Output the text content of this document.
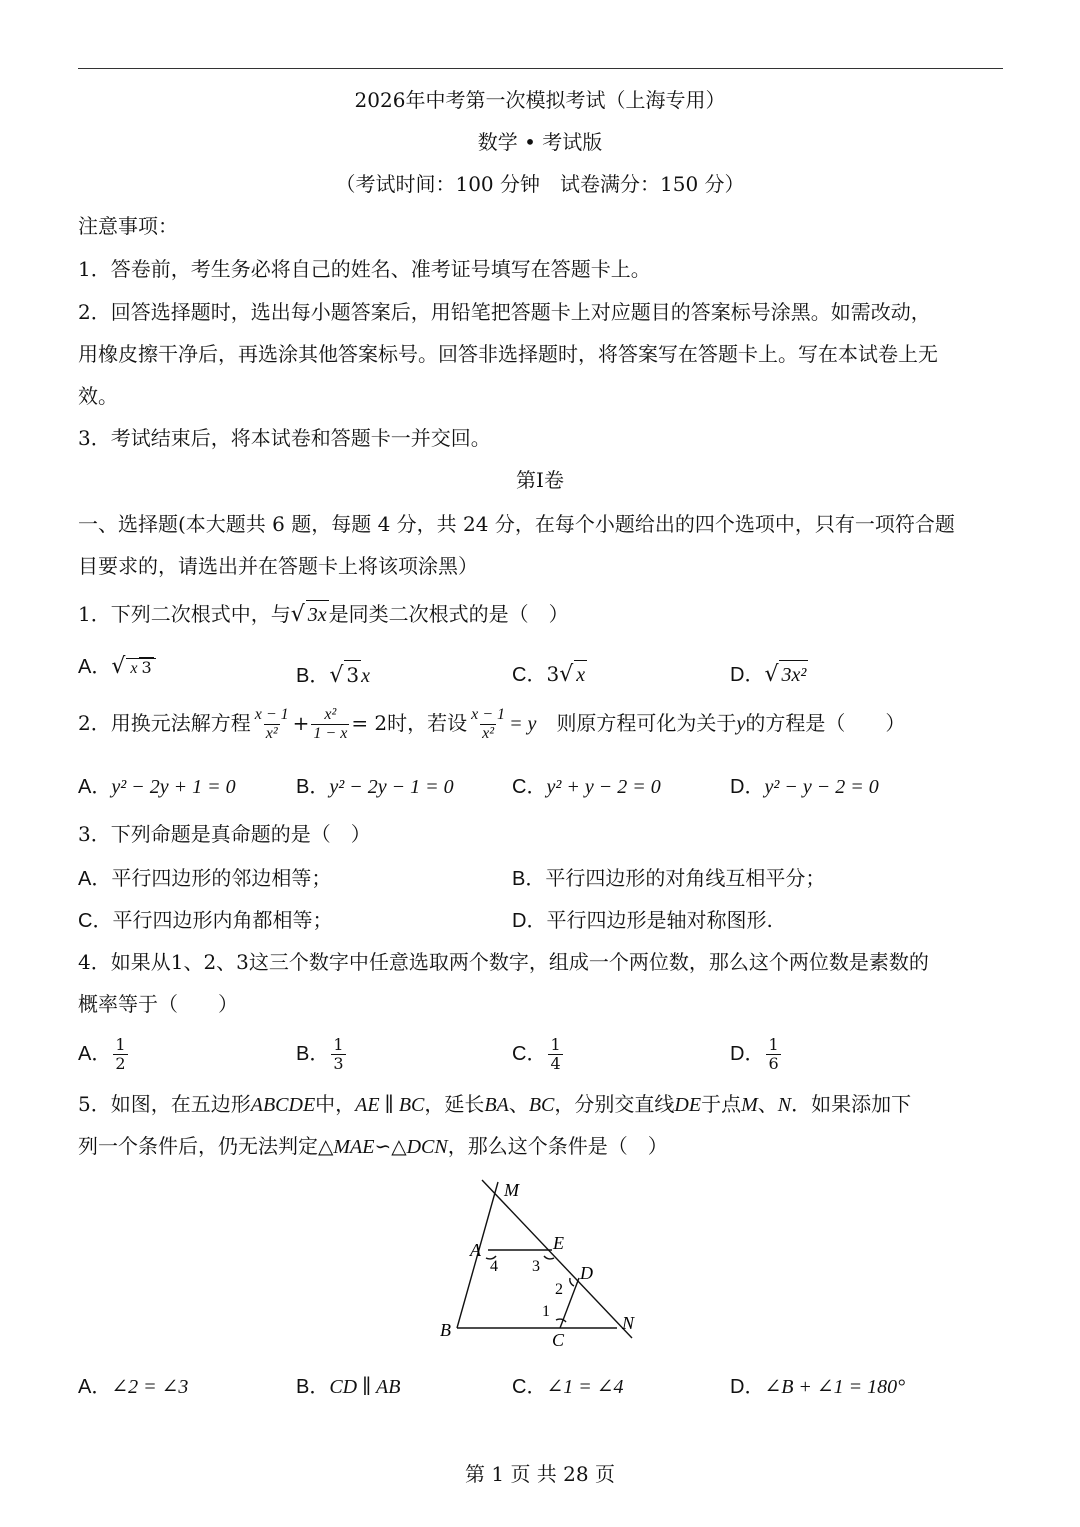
2026年中考第一次模拟考试（上海专用）
数学 • 考试版
（考试时间：100 分钟　试卷满分：150 分）
注意事项：
1．答卷前，考生务必将自己的姓名、准考证号填写在答题卡上。
2．回答选择题时，选出每小题答案后，用铅笔把答题卡上对应题目的答案标号涂黑。如需改动，
用橡皮擦干净后，再选涂其他答案标号。回答非选择题时，将答案写在答题卡上。写在本试卷上无
效。
3．考试结束后，将本试卷和答题卡一并交回。
第Ⅰ卷
一、选择题(本大题共 6 题，每题 4 分，共 24 分，在每个小题给出的四个选项中，只有一项符合题
目要求的，请选出并在答题卡上将该项涂黑）
1．下列二次根式中，与√ 3x 是同类二次根式的是（　）
A．√ x 3	B．√ 3 x	C．3√ x	D．√ 3x²
2．用换元法解方程 $\frac{x - 1}{\text{x²}} + \frac{\text{x²}}{1 - x} = 2$时，若设 $\frac{x - 1}{\text{x²}} = y$　 则原方程可化为关于y的方程是（　　）
A．y² − 2y + 1 = 0	B．y² − 2y − 1 = 0	C．y² + y − 2 = 0	D．y² − y − 2 = 0
3．下列命题是真命题的是（　）
A．平行四边形的邻边相等；	B．平行四边形的对角线互相平分；
C．平行四边形内角都相等；	D．平行四边形是轴对称图形.
4．如果从1、2、3这三个数字中任意选取两个数字，组成一个两位数，那么这个两位数是素数的
概率等于（　　）
A． $\frac{1}{2}$	B． $\frac{1}{3}$	C． $\frac{1}{4}$	D． $\frac{1}{6}$
5．如图，在五边形ABCDE中，AE ∥ BC，延长BA、BC，分别交直线DE于点M、N．如果添加下
列一个条件后，仍无法判定△MAE∽△DCN，那么这个条件是（　）
M
A	E
D
B	C
N
4 3
2
1
A．∠2 = ∠3	B．CD ∥ AB	C．∠1 = ∠4	D．∠B + ∠1 = 180°
第 1 页 共 28 页
